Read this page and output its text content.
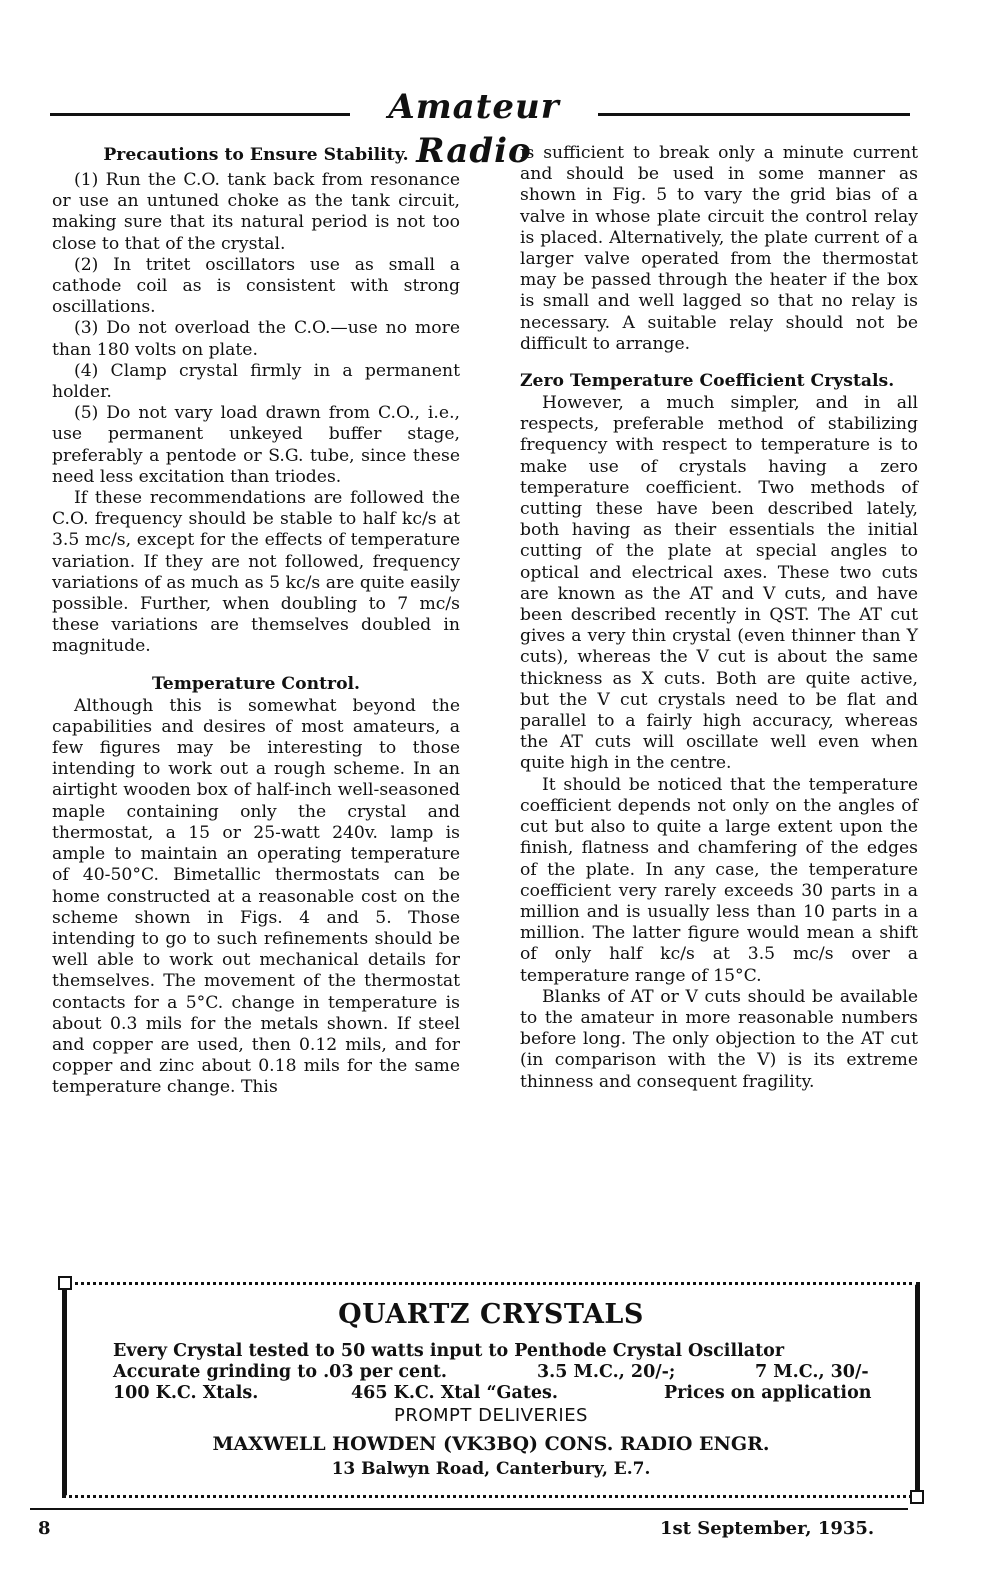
Amateur Radio
Precautions to Ensure Stability.

(1) Run the C.O. tank back from resonance or use an untuned choke as the tank circuit, making sure that its natural period is not too close to that of the crystal.

(2) In tritet oscillators use as small a cathode coil as is consistent with strong oscillations.

(3) Do not overload the C.O.—use no more than 180 volts on plate.

(4) Clamp crystal firmly in a permanent holder.

(5) Do not vary load drawn from C.O., i.e., use permanent unkeyed buffer stage, preferably a pentode or S.G. tube, since these need less excitation than triodes.

If these recommendations are followed the C.O. frequency should be stable to half kc/s at 3.5 mc/s, except for the effects of temperature variation. If they are not followed, frequency variations of as much as 5 kc/s are quite easily possible. Further, when doubling to 7 mc/s these variations are themselves doubled in magnitude.

Temperature Control.

Although this is somewhat beyond the capabilities and desires of most amateurs, a few figures may be interesting to those intending to work out a rough scheme. In an airtight wooden box of half-inch well-seasoned maple containing only the crystal and thermostat, a 15 or 25-watt 240v. lamp is ample to maintain an operating temperature of 40-50°C. Bimetallic thermostats can be home constructed at a reasonable cost on the scheme shown in Figs. 4 and 5. Those intending to go to such refinements should be well able to work out mechanical details for themselves. The movement of the thermostat contacts for a 5°C. change in temperature is about 0.3 mils for the metals shown. If steel and copper are used, then 0.12 mils, and for copper and zinc about 0.18 mils for the same temperature change. This

is sufficient to break only a minute current and should be used in some manner as shown in Fig. 5 to vary the grid bias of a valve in whose plate circuit the control relay is placed. Alternatively, the plate current of a larger valve operated from the thermostat may be passed through the heater if the box is small and well lagged so that no relay is necessary. A suitable relay should not be difficult to arrange.

Zero Temperature Coefficient Crystals.

However, a much simpler, and in all respects, preferable method of stabilizing frequency with respect to temperature is to make use of crystals having a zero temperature coefficient. Two methods of cutting these have been described lately, both having as their essentials the initial cutting of the plate at special angles to optical and electrical axes. These two cuts are known as the AT and V cuts, and have been described recently in QST. The AT cut gives a very thin crystal (even thinner than Y cuts), whereas the V cut is about the same thickness as X cuts. Both are quite active, but the V cut crystals need to be flat and parallel to a fairly high accuracy, whereas the AT cuts will oscillate well even when quite high in the centre.

It should be noticed that the temperature coefficient depends not only on the angles of cut but also to quite a large extent upon the finish, flatness and chamfering of the edges of the plate. In any case, the temperature coefficient very rarely exceeds 30 parts in a million and is usually less than 10 parts in a million. The latter figure would mean a shift of only half kc/s at 3.5 mc/s over a temperature range of 15°C.

Blanks of AT or V cuts should be available to the amateur in more reasonable numbers before long. The only objection to the AT cut (in comparison with the V) is its extreme thinness and consequent fragility.

QUARTZ CRYSTALS
Every Crystal tested to 50 watts input to Penthode Crystal Oscillator
Accurate grinding to .03 per cent.	3.5 M.C., 20/-;	7 M.C., 30/-
100 K.C. Xtals.	465 K.C. Xtal “Gates.	Prices on application
PROMPT DELIVERIES
MAXWELL HOWDEN (VK3BQ) CONS. RADIO ENGR.
13 Balwyn Road, Canterbury, E.7.
8	1st September, 1935.
